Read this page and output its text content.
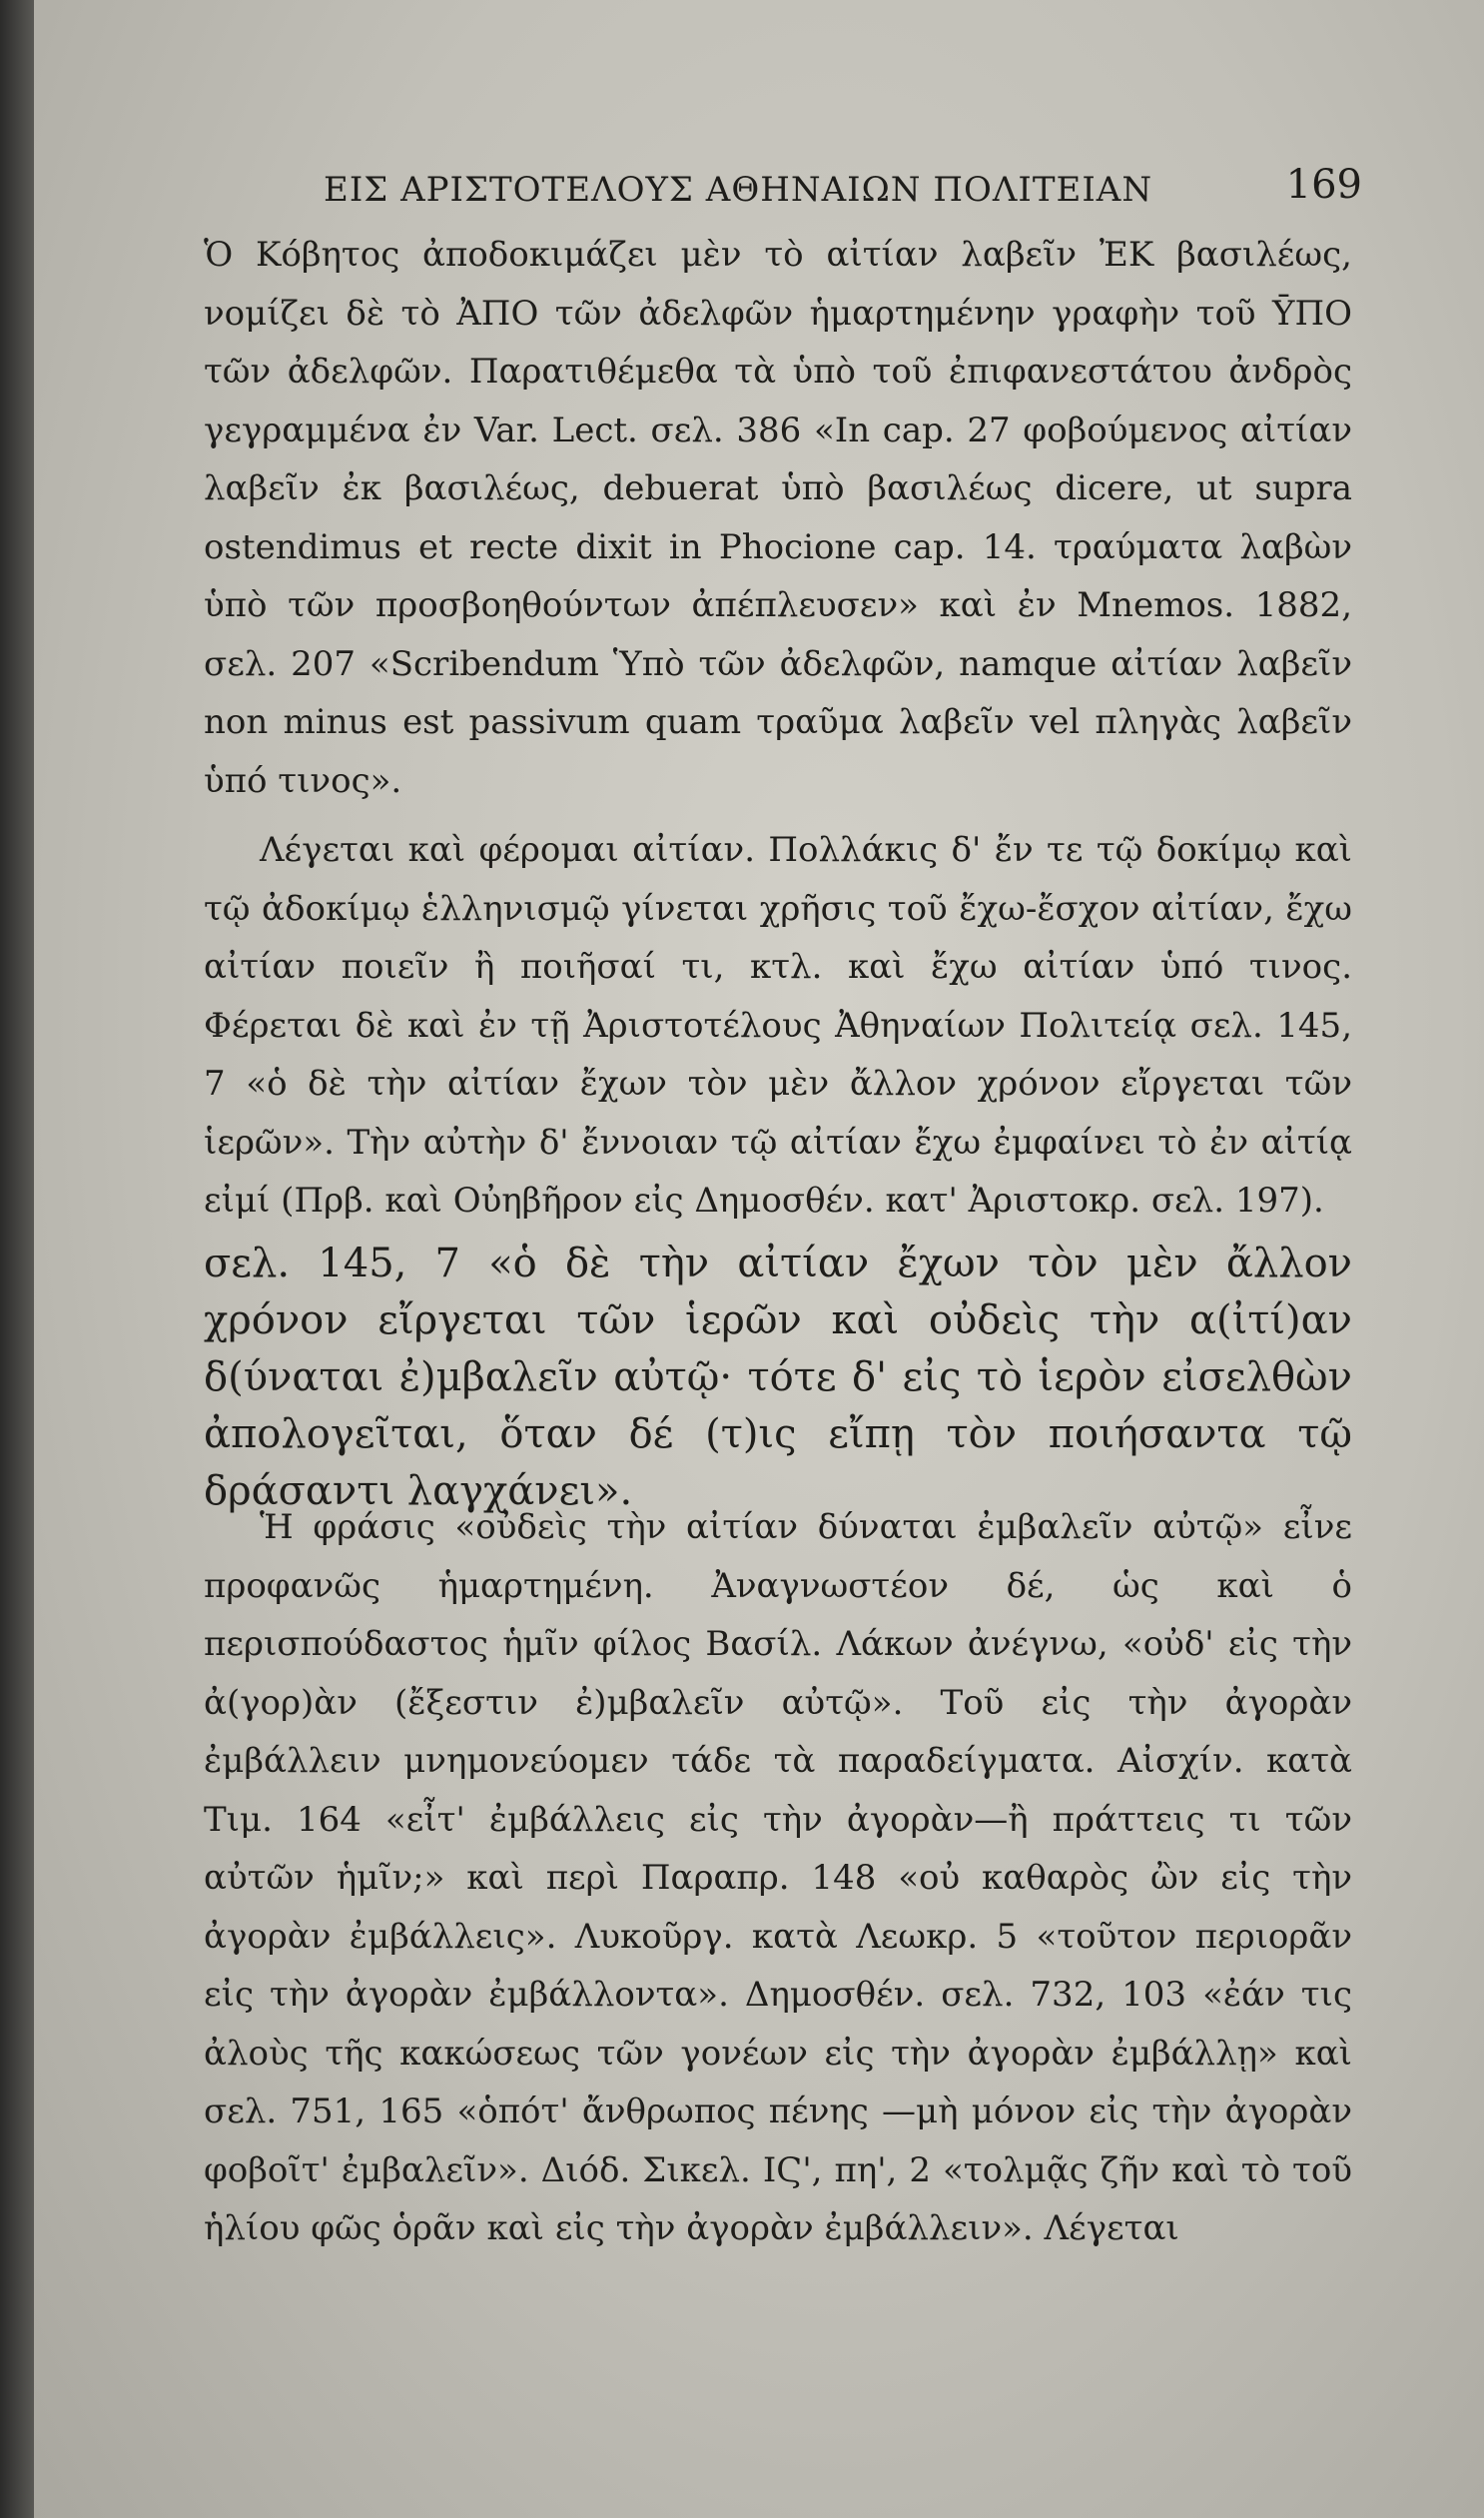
ΕΙΣ ΑΡΙΣΤΟΤΕΛΟΥΣ ΑΘΗΝΑΙΩΝ ΠΟΛΙΤΕΙΑΝ	169

Ὁ Κόβητος ἀποδοκιμάζει μὲν τὸ αἰτίαν λαβεῖν ἘΚ βασιλέως, νομίζει δὲ τὸ ἈΠΟ τῶν ἀδελφῶν ἡμαρτημένην γραφὴν τοῦ ῩΠΟ τῶν ἀδελφῶν. Παρατιθέμεθα τὰ ὑπὸ τοῦ ἐπιφανεστάτου ἀνδρὸς γεγραμμένα ἐν Var. Lect. σελ. 386 «In cap. 27 φοβούμενος αἰτίαν λαβεῖν ἐκ βασιλέως, debuerat ὑπὸ βασιλέως dicere, ut supra ostendimus et recte dixit in Phocione cap. 14. τραύματα λαβὼν ὑπὸ τῶν προσβοηθούντων ἀπέπλευσεν» καὶ ἐν Mnemos. 1882, σελ. 207 «Scribendum Ὑπὸ τῶν ἀδελφῶν, namque αἰτίαν λαβεῖν non minus est passivum quam τραῦμα λαβεῖν vel πληγὰς λαβεῖν ὑπό τινος».

Λέγεται καὶ φέρομαι αἰτίαν. Πολλάκις δ' ἔν τε τῷ δοκίμῳ καὶ τῷ ἀδοκίμῳ ἑλληνισμῷ γίνεται χρῆσις τοῦ ἔχω-ἔσχον αἰτίαν, ἔχω αἰτίαν ποιεῖν ἢ ποιῆσαί τι, κτλ. καὶ ἔχω αἰτίαν ὑπό τινος. Φέρεται δὲ καὶ ἐν τῇ Ἀριστοτέλους Ἀθηναίων Πολιτείᾳ σελ. 145, 7 «ὁ δὲ τὴν αἰτίαν ἔχων τὸν μὲν ἄλλον χρόνον εἴργεται τῶν ἱερῶν». Τὴν αὐτὴν δ' ἔννοιαν τῷ αἰτίαν ἔχω ἐμφαίνει τὸ ἐν αἰτίᾳ εἰμί (Πρβ. καὶ Οὐηβῆρον εἰς Δημοσθέν. κατ' Ἀριστοκρ. σελ. 197).

σελ. 145, 7 «ὁ δὲ τὴν αἰτίαν ἔχων τὸν μὲν ἄλλον χρόνον εἴργεται τῶν ἱερῶν καὶ οὐδεὶς τὴν α(ἰτί)αν δ(ύναται ἐ)μβαλεῖν αὐτῷ· τότε δ' εἰς τὸ ἱερὸν εἰσελθὼν ἀπολογεῖται, ὅταν δέ (τ)ις εἴπῃ τὸν ποιήσαντα τῷ δράσαντι λαγχάνει».

Ἡ φράσις «οὐδεὶς τὴν αἰτίαν δύναται ἐμβαλεῖν αὐτῷ» εἶνε προφανῶς ἡμαρτημένη. Ἀναγνωστέον δέ, ὡς καὶ ὁ περισπούδαστος ἡμῖν φίλος Βασίλ. Λάκων ἀνέγνω, «οὐδ' εἰς τὴν ἀ(γορ)ὰν (ἔξεστιν ἐ)μβαλεῖν αὐτῷ». Τοῦ εἰς τὴν ἀγορὰν ἐμβάλλειν μνημονεύομεν τάδε τὰ παραδείγματα. Αἰσχίν. κατὰ Τιμ. 164 «εἶτ' ἐμβάλλεις εἰς τὴν ἀγορὰν—ἢ πράττεις τι τῶν αὐτῶν ἡμῖν;» καὶ περὶ Παραπρ. 148 «οὐ καθαρὸς ὢν εἰς τὴν ἀγορὰν ἐμβάλλεις». Λυκοῦργ. κατὰ Λεωκρ. 5 «τοῦτον περιορᾶν εἰς τὴν ἀγορὰν ἐμβάλλοντα». Δημοσθέν. σελ. 732, 103 «ἐάν τις ἀλοὺς τῆς κακώσεως τῶν γονέων εἰς τὴν ἀγορὰν ἐμβάλλῃ» καὶ σελ. 751, 165 «ὁπότ' ἄνθρωπος πένης —μὴ μόνον εἰς τὴν ἀγορὰν φοβοῖτ' ἐμβαλεῖν». Διόδ. Σικελ. ΙϚ', πη', 2 «τολμᾷς ζῆν καὶ τὸ τοῦ ἡλίου φῶς ὁρᾶν καὶ εἰς τὴν ἀγορὰν ἐμβάλλειν». Λέγεται
